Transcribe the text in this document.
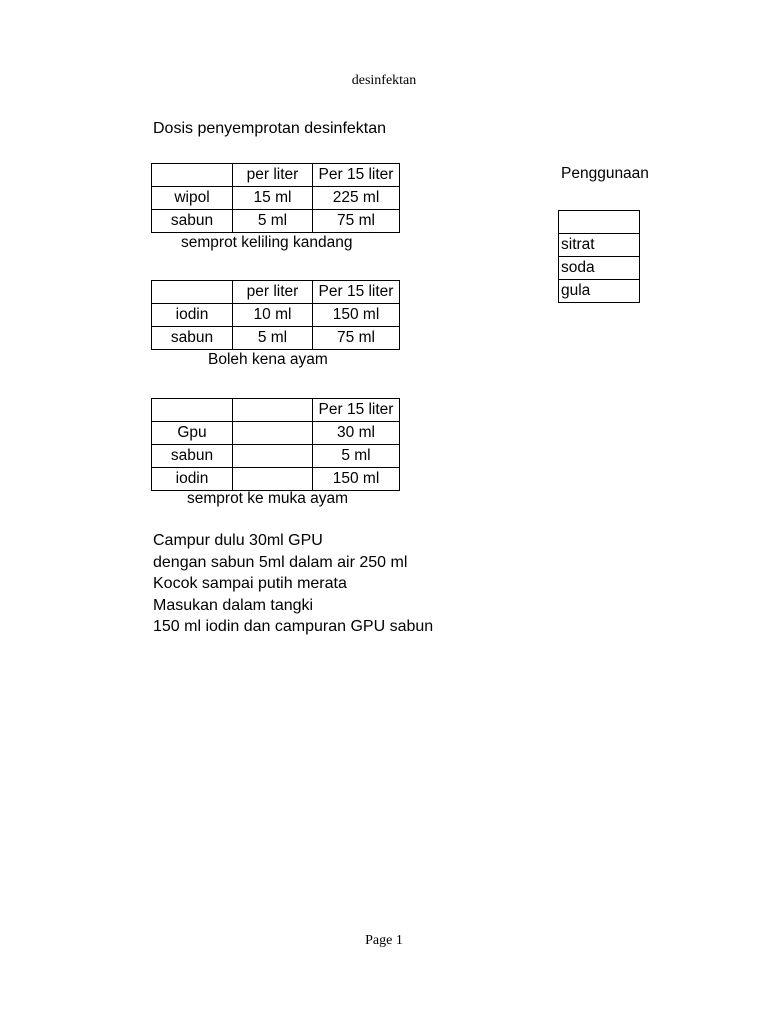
desinfektan
Dosis penyemprotan desinfektan
	per liter	Per 15 liter
wipol	15 ml	225 ml
sabun	5 ml	75 ml
semprot keliling kandang
	per liter	Per 15 liter
iodin	10 ml	150 ml
sabun	5 ml	75 ml
Boleh kena ayam
		Per 15 liter
Gpu		30 ml
sabun		5 ml
iodin		150 ml
semprot ke muka ayam
Campur dulu 30ml GPU
dengan sabun 5ml dalam air 250 ml
Kocok sampai putih merata
Masukan dalam tangki
150 ml iodin dan campuran GPU sabun
Penggunaan

sitrat
soda
gula
Page 1
